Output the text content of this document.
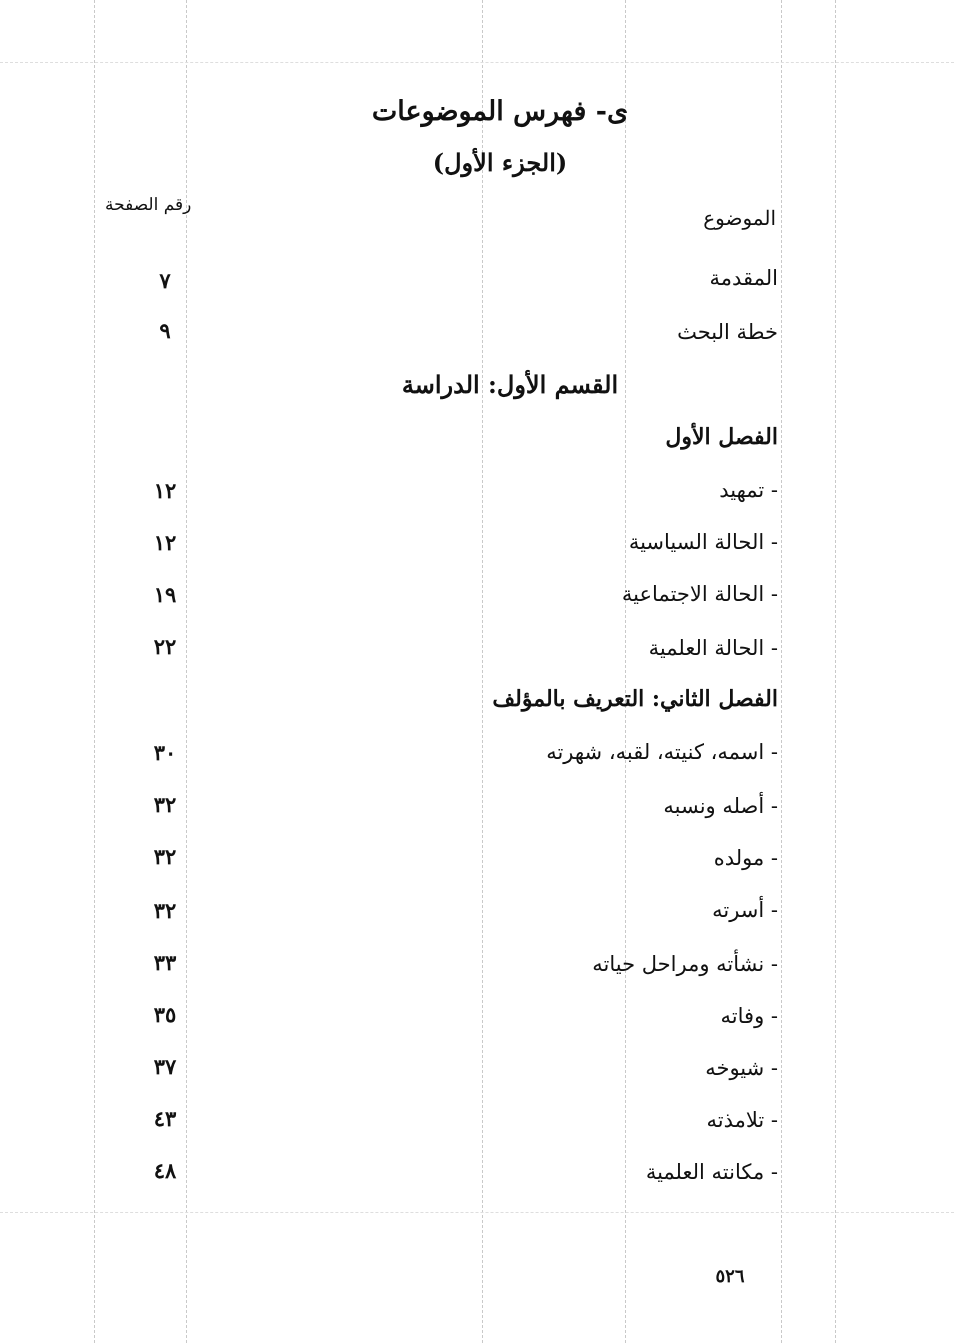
ى- فهرس الموضوعات
(الجزء الأول)
الموضوع
رقم الصفحة
المقدمة
٧
خطة البحث
٩
القسم الأول: الدراسة
الفصل الأول
- تمهيد
١٢
- الحالة السياسية
١٢
- الحالة الاجتماعية
١٩
- الحالة العلمية
٢٢
الفصل الثاني: التعريف بالمؤلف
- اسمه، كنيته، لقبه، شهرته
٣٠
- أصله ونسبه
٣٢
- مولده
٣٢
- أسرته
٣٢
- نشأته ومراحل حياته
٣٣
- وفاته
٣٥
- شيوخه
٣٧
- تلامذته
٤٣
- مكانته العلمية
٤٨
٥٢٦
